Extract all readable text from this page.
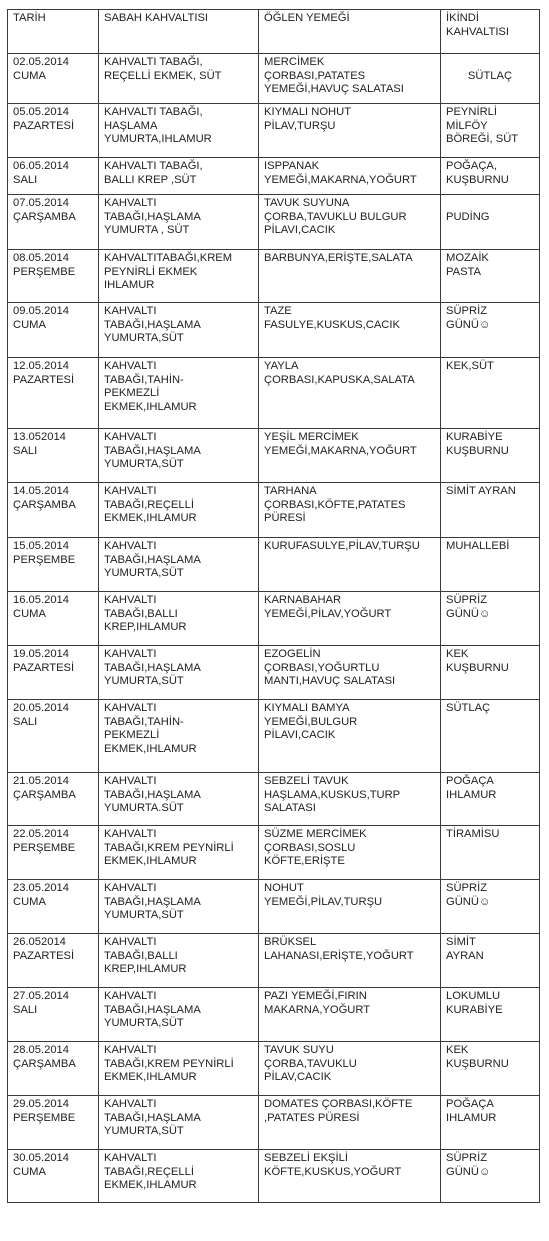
TARİH	SABAH KAHVALTISI	ÖĞLEN YEMEĞİ	İKİNDİ
KAHVALTISI

02.05.2014
CUMA	KAHVALTI TABAĞI,
REÇELLİ EKMEK, SÜT	MERCİMEK
ÇORBASI,PATATES
YEMEĞİ,HAVUÇ SALATASI	SÜTLAÇ

05.05.2014
PAZARTESİ	KAHVALTI TABAĞI,
HAŞLAMA
YUMURTA,IHLAMUR	KIYMALI NOHUT
PİLAV,TURŞU	PEYNİRLİ
MİLFÖY
BÖREĞİ, SÜT

06.05.2014
SALI	KAHVALTI TABAĞI,
BALLI KREP ,SÜT	ISPPANAK
YEMEĞİ,MAKARNA,YOĞURT	POĞAÇA,
KUŞBURNU

07.05.2014
ÇARŞAMBA	KAHVALTI
TABAĞI,HAŞLAMA
YUMURTA , SÜT	TAVUK SUYUNA
ÇORBA,TAVUKLU BULGUR
PİLAVI,CACIK	PUDİNG

08.05.2014
PERŞEMBE	KAHVALTITABAĞI,KREM
PEYNİRLİ EKMEK
IHLAMUR	BARBUNYA,ERİŞTE,SALATA	MOZAİK
PASTA

09.05.2014
CUMA	KAHVALTI
TABAĞI,HAŞLAMA
YUMURTA,SÜT	TAZE
FASULYE,KUSKUS,CACIK	SÜPRİZ
GÜNÜ☺

12.05.2014
PAZARTESİ	KAHVALTI
TABAĞI,TAHİN-
PEKMEZLİ
EKMEK,IHLAMUR	YAYLA
ÇORBASI,KAPUSKA,SALATA	KEK,SÜT

13.052014
SALI	KAHVALTI
TABAĞI,HAŞLAMA
YUMURTA,SÜT	YEŞİL MERCİMEK
YEMEĞİ,MAKARNA,YOĞURT	KURABİYE
KUŞBURNU

14.05.2014
ÇARŞAMBA	KAHVALTI
TABAĞI,REÇELLİ
EKMEK,IHLAMUR	TARHANA
ÇORBASI,KÖFTE,PATATES
PÜRESİ	SİMİT AYRAN

15.05.2014
PERŞEMBE	KAHVALTI
TABAĞI,HAŞLAMA
YUMURTA,SÜT	KURUFASULYE,PİLAV,TURŞU	MUHALLEBİ

16.05.2014
CUMA	KAHVALTI
TABAĞI,BALLI
KREP,IHLAMUR	KARNABAHAR
YEMEĞİ,PİLAV,YOĞURT	SÜPRİZ
GÜNÜ☺

19.05.2014
PAZARTESİ	KAHVALTI
TABAĞI,HAŞLAMA
YUMURTA,SÜT	EZOGELİN
ÇORBASI,YOĞURTLU
MANTI,HAVUÇ SALATASI	KEK
KUŞBURNU

20.05.2014
SALI	KAHVALTI
TABAĞI,TAHİN-
PEKMEZLİ
EKMEK,IHLAMUR	KIYMALI BAMYA
YEMEĞİ,BULGUR
PİLAVI,CACIK	SÜTLAÇ

21.05.2014
ÇARŞAMBA	KAHVALTI
TABAĞI,HAŞLAMA
YUMURTA.SÜT	SEBZELİ TAVUK
HAŞLAMA,KUSKUS,TURP
SALATASI	POĞAÇA
IHLAMUR

22.05.2014
PERŞEMBE	KAHVALTI
TABAĞI,KREM PEYNİRLİ
EKMEK,IHLAMUR	SÜZME MERCİMEK
ÇORBASI,SOSLU
KÖFTE,ERİŞTE	TİRAMİSU

23.05.2014
CUMA	KAHVALTI
TABAĞI,HAŞLAMA
YUMURTA,SÜT	NOHUT
YEMEĞİ,PİLAV,TURŞU	SÜPRİZ
GÜNÜ☺

26.052014
PAZARTESİ	KAHVALTI
TABAĞI,BALLI
KREP,IHLAMUR	BRÜKSEL
LAHANASI,ERİŞTE,YOĞURT	SİMİT
AYRAN

27.05.2014
SALI	KAHVALTI
TABAĞI,HAŞLAMA
YUMURTA,SÜT	PAZI YEMEĞİ,FIRIN
MAKARNA,YOĞURT	LOKUMLU
KURABİYE

28.05.2014
ÇARŞAMBA	KAHVALTI
TABAĞI,KREM PEYNİRLİ
EKMEK,IHLAMUR	TAVUK SUYU
ÇORBA,TAVUKLU
PİLAV,CACIK	KEK
KUŞBURNU

29.05.2014
PERŞEMBE	KAHVALTI
TABAĞI,HAŞLAMA
YUMURTA,SÜT	DOMATES ÇORBASI,KÖFTE
,PATATES PÜRESİ	POĞAÇA
IHLAMUR

30.05.2014
CUMA	KAHVALTI
TABAĞI,REÇELLİ
EKMEK,IHLAMUR	SEBZELİ EKŞİLİ
KÖFTE,KUSKUS,YOĞURT	SÜPRİZ
GÜNÜ☺
